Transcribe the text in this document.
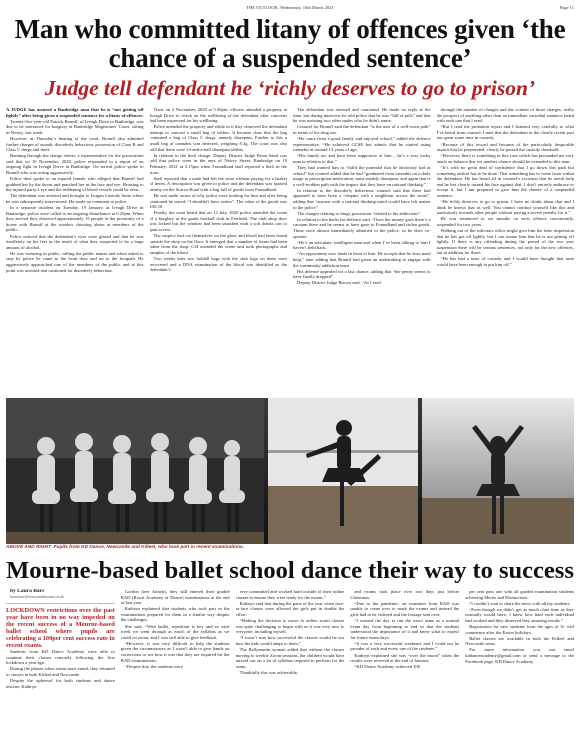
THE OUTLOOK, Wednesday, 10th March 2021	Page 11
Man who committed litany of offences given ‘the chance of a suspended sentence’
Judge tell defendant he ‘richly deserves to go to prison’

A JUDGE has assured a Banbridge man that he is “not getting off lightly” after being given a suspended sentence for a litany of offences.

Twenty-five-year-old Patrick Bramff, of Iveagh Drive in Banbridge, was due to be sentenced for burglary at Banbridge Magistrates’ Court, sitting in Newry, last week.

However, at Thursday’s hearing of the court, Bramff also admitted further charges of assault, disorderly behaviour, possession of Class B and Class C drugs and theft.

Running through the charge sheets, a representative for the prosecution said that on 10 November, 2020, police responded to a report of an ongoing fight in Iveagh Drive in Banbridge. On arrival police spoke to Bramff who was acting aggressively.

Police then spoke to an injured female who alleged that Bramff had grabbed her by the throat and punched her in the face and eye. Bruising to the injured party’s eye and the reddening of blood vessels could be seen.

The defendant was arrested and brought to Lurgan Custody Suite where he was subsequently interviewed. He made no comment to police.

In a separate incident on Tuesday, 19 January, at Iveagh Drive in Banbridge, police were called to an ongoing disturbance at 6.25pm. When they arrived they observed approximately 15 people in the proximity of a house with Bramff at the window shouting abuse at members of the public.

Police noticed that the defendant’s eyes were glazed and that he was tiredlessly on his feet as the result of what they suspected to be a large amount of alcohol.

He was swearing in public, calling the public names and when asked to stop by police he came to the front door and on to the footpath. He aggressively approached one of the members of the public and at this point was arrested and cautioned for disorderly behaviour.

Then, on 2 November, 2020 at 5.30pm, officers attended a property at Iveagh Drive to check on the wellbeing of the defendant after concerns had been expressed for his wellbeing.

Police attended the property and while in it they observed the defendant attempt to conceal a small bag of tablets. It became clear that the bag contained a bag of Class C drugs, namely diazepam. Further to this a small bag of cannabis was detected, weighing 8.3g. The court was also told that there were 14-and-a-half diazepam tablets.

In relation to the theft charge, Deputy District Judge Brian Sand was told that police were in the area of Newry Street, Banbridge on 10 February, 2021 at 3.15pm when Fraundland staff reported a theft in the store.

Staff reported that a male had left the store without paying for a basket of items. A description was given to police and the defendant was spotted nearby on the Scarva Road with a bag full of goods from Fraundland.

He was made aware of why police were looking for him and after being cautioned he stated: “I shouldn’t have stolen”. The value of the goods was £30.50.

Finally, the court heard that on 13 July, 2020 police attended the scene of a burglary at the garda football club in Fairfield. The club shop door was locked but the window had been smashed with a soft drinks can to gain access.

The suspect had cut themselves on the glass and blood had been found outside the shop on the floor. It emerged that a number of items had been taken from the shop. CSI attended the scene and took photographs and samples of the blood.

Two weeks later two holdall bags with the club logo on them were recovered and a DNA examination of the blood was identified as the defendant’s.

The defendant was arrested and cautioned. He made no reply at the time, but during interview he told police that he was “full of pills” and that he was assisting two other males who he didn’t name.

Counsel for Bramff said the defendant “is the user of a well-worn path” in terms of his drug use.

“He came from a good family and enjoyed school,” added the defence representative. “He achieved GCSE but admits that he started using cannabis at around 13 years of age.

“His family are and have been supportive of him – he’s a very lucky man in relation to that.”

They had wanted him to “fulfil the potential that he obviously had at school” but counsel added that he had “graduated from cannabis on a daily usage to prescription medication, most notably diazepam, and again that is a well-trodden path with the impact that they have on rational thinking.”

In relation to the disorderly behaviour, counsel said that there had appeared to have been a “dispute with a neighbour across the street”, adding that “anyone with a rational thinking mind would have left matter to the police”.

The charges relating to drugs possession “related to his addictions”.

In relation to the thefts his defence said, “Once the money goes there’s a vacuum there and he seems to have gone to Fraundland and stolen goods. These were almost immediately admitted to the police, so he does co-operate.

“He’s an articulate, intelligent man and when I’ve been talking to him I haven’t held back.

“An opportunity now lands in front of him. He accepts that he does need help,” later adding that Bramff had given an undertaking to engage with the community addiction team.

His defence appealed for a last chance, adding that “the penny seems to have finally dropped”.

Deputy District Judge Brown said, “As I read

through the number of charges and the content of those charges, really the prospect of anything other than an immediate custodial sentence faded with each one that I read.

“But I read the probation report and I listened very carefully to what I’ve heard from counsel. I note that the defendant in the clearly recent past has spent some time in custody.

“Because of this record and because of the particularly despicable assault that he perpetrated, clearly he passed the custody threshold.

“However, there is something in this case which has persuaded me very much on balance that yet another chance should be extended to this man.

“It’s with no great deal of confidence that I go down this path but something radical has to be done. That something has to come from within the defendant. He has heard all in counsel’s occasion that he needs help and he has clearly turned his face against that. I don’t entirely embrace or accept it, but I am prepared to give him the chance of a suspended sentence.

“He richly deserves to go to prison. I have no doubt about that and I think he knows that as well. You cannot conduct yourself like this and particularly towards other people without paying a severe penalty for it.”

He was sentenced to six months on each offence concurrently, suspended for two years.

Walking out of the solicitors office might give him the false impression that he has got off lightly, but I can assure him that he is not getting off lightly. If there is any offending during the period of the two year suspension there will be serious sentences, not only for the new offences, but in addition for these.

“He has had a taste of custody and I would have thought that taste would have been enough to put him off.”

ABOVE AND RIGHT: Pupils from KD Dance, Newcastle and Killeel, who took part in recent examinations.
Mourne-based ballet school dance their way to success

by Laura Barr

laura.barr@newryandmourne.co.uk

LOCKDOWN restrictions over the past year have been in no way impeded on the recent success of a Mourne-based ballet school where pupils are celebrating a 100per cent success rate in recent exams.

Students from KD Dance Academy were able to continue their classes remotely following the first lockdown a year ago.

During the phases when restrictions eased, they returned to classes in both Killeel and Newcastle.

Despite the upheaval for both students and dance teacher, Kathryn

Gordon (nee Annett), they still entered their graded RAD (Royal Academy of Dance) examinations at the end of last year.

Kathryn explained that students who took part in the examinations prepared for them in a similar way despite the challenges.

She said, “With ballet, repetition is key and so each week we went through as much of the syllabus as we could on zoom, and I was still able to give feedback.

“However, it was very difficult to help the students given the circumstances as I wasn’t able to give hands on corrections or see how it was that they are required for the RAD examinations.

“Despite this, the students were

very committed and worked hard outside of their online classes to ensure they were ready for the exams.”

Kathryn said that during the parts of the year when face-to-face classes were allowed the girls put in double the effort.

“Making the decision to move to online zoom classes was quite challenging to begin with as it was very new to everyone, including myself.

“I wasn’t sure how successful the classes would be nor how the kids would adapt to them.”

The Ballymartin woman added that without the classes moving to weekly Zoom sessions, the children would have missed out on a lot of syllabus required to perform for the exam.

Thankfully this was achievable,

and exams took place over two days just before Christmas.

“Due to the pandemic, an examiner from RAD was unable to come over to mark the exams and instead the girls had to be videoed and the footage sent over.

“I wanted the day to run the exact same as a normal exam day from beginning to end so that the students understood the importance of it and knew what to expect for future exam days.

“It was a very successful weekend, and I could not be prouder of each and every one of the students.”

Kathryn explained she was “over the moon” when the results were received at the end of January.

“KD Dance Academy achieved 100

per cent pass rate with all graded examination students achieving Merits and Distinctions.

“I couldn’t wait to share the news with all my students.

“Even though we didn’t get as much class time as they normally would have, I knew how hard each individual had worked and they deserved they amazing results.”

Registration for new students from the ages of 3+ will commence after the Easter holidays.

Ballet classes are available in both the Killeel and Newcastle areas.

For more information you can email kddanceacademy@gmail.com or send a message to the Facebook page, KD Dance Academy.
